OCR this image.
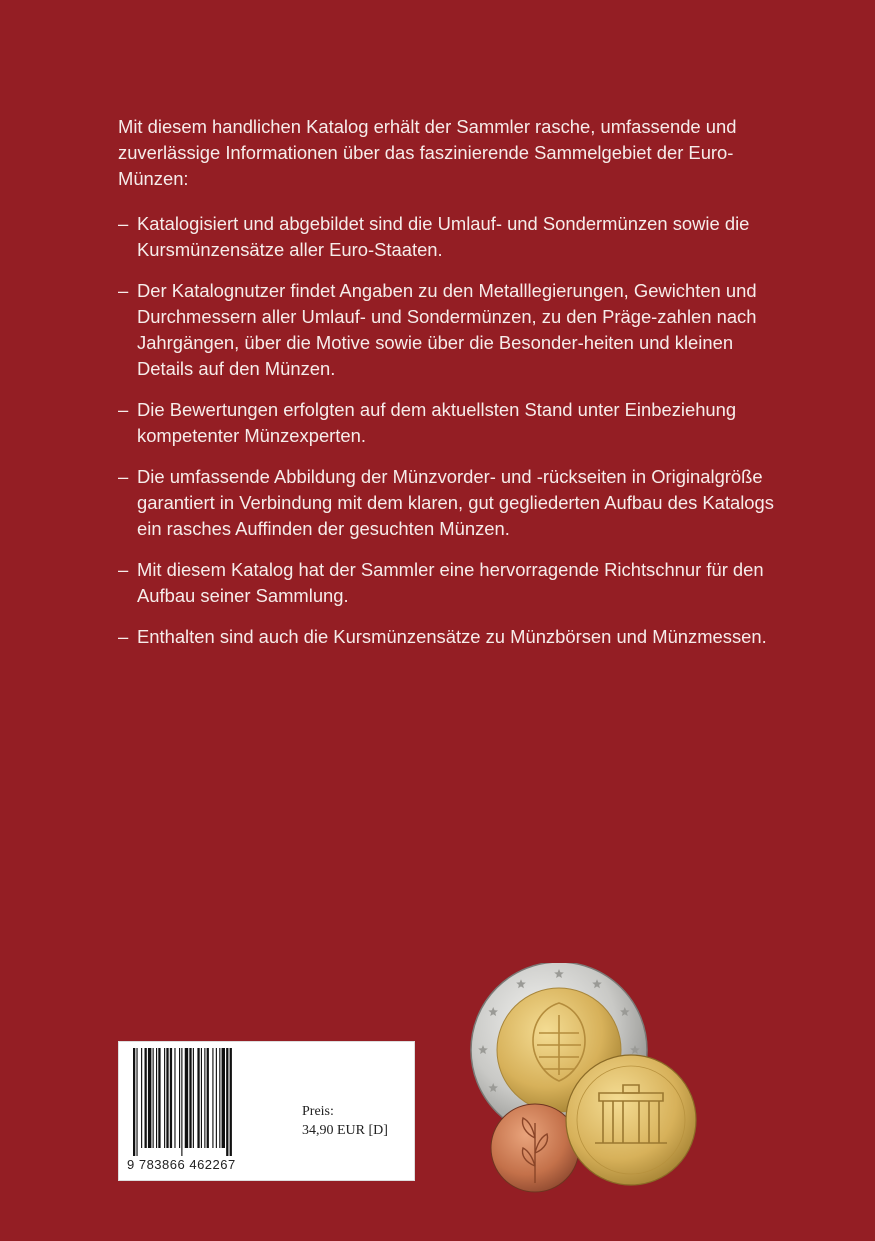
Mit diesem handlichen Katalog erhält der Sammler rasche, umfassende und zuverlässige Informationen über das faszinierende Sammelgebiet der Euro-Münzen:

– Katalogisiert und abgebildet sind die Umlauf- und Sondermünzen sowie die Kursmünzensätze aller Euro-Staaten.
– Der Katalognutzer findet Angaben zu den Metalllegierungen, Gewichten und Durchmessern aller Umlauf- und Sondermünzen, zu den Präge-zahlen nach Jahrgängen, über die Motive sowie über die Besonder-heiten und kleinen Details auf den Münzen.
– Die Bewertungen erfolgten auf dem aktuellsten Stand unter Einbeziehung kompetenter Münzexperten.
– Die umfassende Abbildung der Münzvorder- und -rückseiten in Originalgröße garantiert in Verbindung mit dem klaren, gut gegliederten Aufbau des Katalogs ein rasches Auffinden der gesuchten Münzen.
– Mit diesem Katalog hat der Sammler eine hervorragende Richtschnur für den Aufbau seiner Sammlung.
– Enthalten sind auch die Kursmünzensätze zu Münzbörsen und Münzmessen.
9 783866 462267
Preis:
34,90 EUR [D]
